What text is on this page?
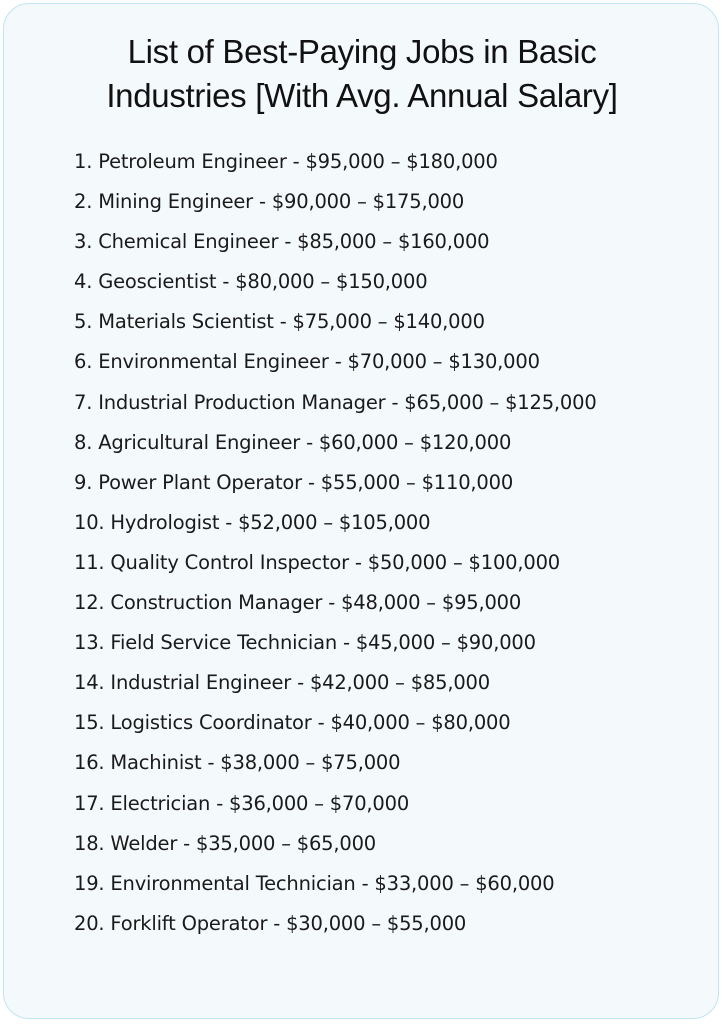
List of Best-Paying Jobs in Basic
Industries [With Avg. Annual Salary]
1. Petroleum Engineer - $95,000 – $180,000
2. Mining Engineer - $90,000 – $175,000
3. Chemical Engineer - $85,000 – $160,000
4. Geoscientist - $80,000 – $150,000
5. Materials Scientist - $75,000 – $140,000
6. Environmental Engineer - $70,000 – $130,000
7. Industrial Production Manager - $65,000 – $125,000
8. Agricultural Engineer - $60,000 – $120,000
9. Power Plant Operator - $55,000 – $110,000
10. Hydrologist - $52,000 – $105,000
11. Quality Control Inspector - $50,000 – $100,000
12. Construction Manager - $48,000 – $95,000
13. Field Service Technician - $45,000 – $90,000
14. Industrial Engineer - $42,000 – $85,000
15. Logistics Coordinator - $40,000 – $80,000
16. Machinist - $38,000 – $75,000
17. Electrician - $36,000 – $70,000
18. Welder - $35,000 – $65,000
19. Environmental Technician - $33,000 – $60,000
20. Forklift Operator - $30,000 – $55,000
